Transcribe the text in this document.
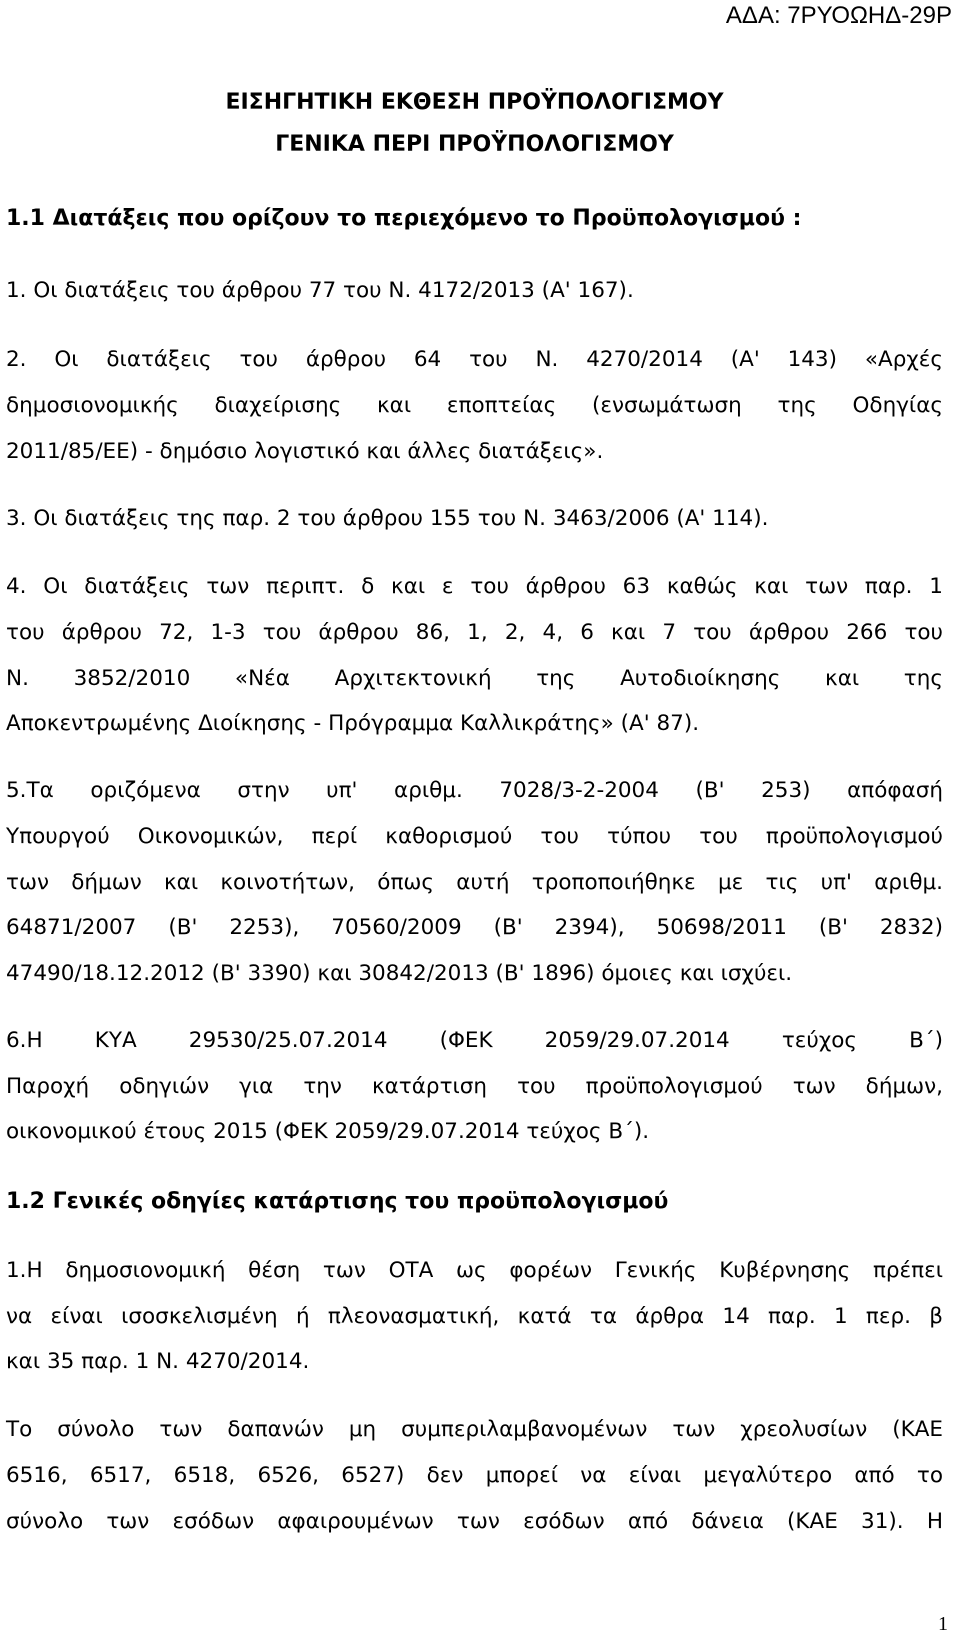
ΑΔΑ: 7ΡΥΟΩΗΔ-29Ρ
ΕΙΣΗΓΗΤΙΚΗ ΕΚΘΕΣΗ ΠΡΟΫΠΟΛΟΓΙΣΜΟΥ
ΓΕΝΙΚΑ ΠΕΡΙ ΠΡΟΫΠΟΛΟΓΙΣΜΟΥ
1.1 Διατάξεις που ορίζουν το περιεχόμενο το Προϋπολογισμού :
1. Οι διατάξεις του άρθρου 77 του Ν. 4172/2013 (Α' 167).
2. Οι διατάξεις του άρθρου 64 του Ν. 4270/2014 (Α' 143) «Αρχές
δημοσιονομικής διαχείρισης και εποπτείας (ενσωμάτωση της Οδηγίας
2011/85/ΕΕ) - δημόσιο λογιστικό και άλλες διατάξεις».
3. Οι διατάξεις της παρ. 2 του άρθρου 155 του Ν. 3463/2006 (Α' 114).
4. Οι διατάξεις των περιπτ. δ και ε του άρθρου 63 καθώς και των παρ. 1
του άρθρου 72, 1-3 του άρθρου 86, 1, 2, 4, 6 και 7 του άρθρου 266 του
Ν. 3852/2010 «Νέα Αρχιτεκτονική της Αυτοδιοίκησης και της
Αποκεντρωμένης Διοίκησης - Πρόγραμμα Καλλικράτης» (Α' 87).
5.Τα οριζόμενα στην υπ' αριθμ. 7028/3-2-2004 (Β' 253) απόφασή
Υπουργού Οικονομικών, περί καθορισμού του τύπου του προϋπολογισμού
των δήμων και κοινοτήτων, όπως αυτή τροποποιήθηκε με τις υπ' αριθμ.
64871/2007 (Β' 2253), 70560/2009 (Β' 2394), 50698/2011 (Β' 2832)
47490/18.12.2012 (Β' 3390) και 30842/2013 (Β' 1896) όμοιες και ισχύει.
6.Η ΚΥΑ 29530/25.07.2014 (ΦΕΚ 2059/29.07.2014 τεύχος Β΄)
Παροχή οδηγιών για την κατάρτιση του προϋπολογισμού των δήμων,
οικονομικού έτους 2015 (ΦΕΚ 2059/29.07.2014 τεύχος Β΄).
1.2 Γενικές οδηγίες κατάρτισης του προϋπολογισμού
1.Η δημοσιονομική θέση των ΟΤΑ ως φορέων Γενικής Κυβέρνησης πρέπει
να είναι ισοσκελισμένη ή πλεονασματική, κατά τα άρθρα 14 παρ. 1 περ. β
και 35 παρ. 1 Ν. 4270/2014.
Το σύνολο των δαπανών μη συμπεριλαμβανομένων των χρεολυσίων (ΚΑΕ
6516, 6517, 6518, 6526, 6527) δεν μπορεί να είναι μεγαλύτερο από το
σύνολο των εσόδων αφαιρουμένων των εσόδων από δάνεια (ΚΑΕ 31). Η
1
